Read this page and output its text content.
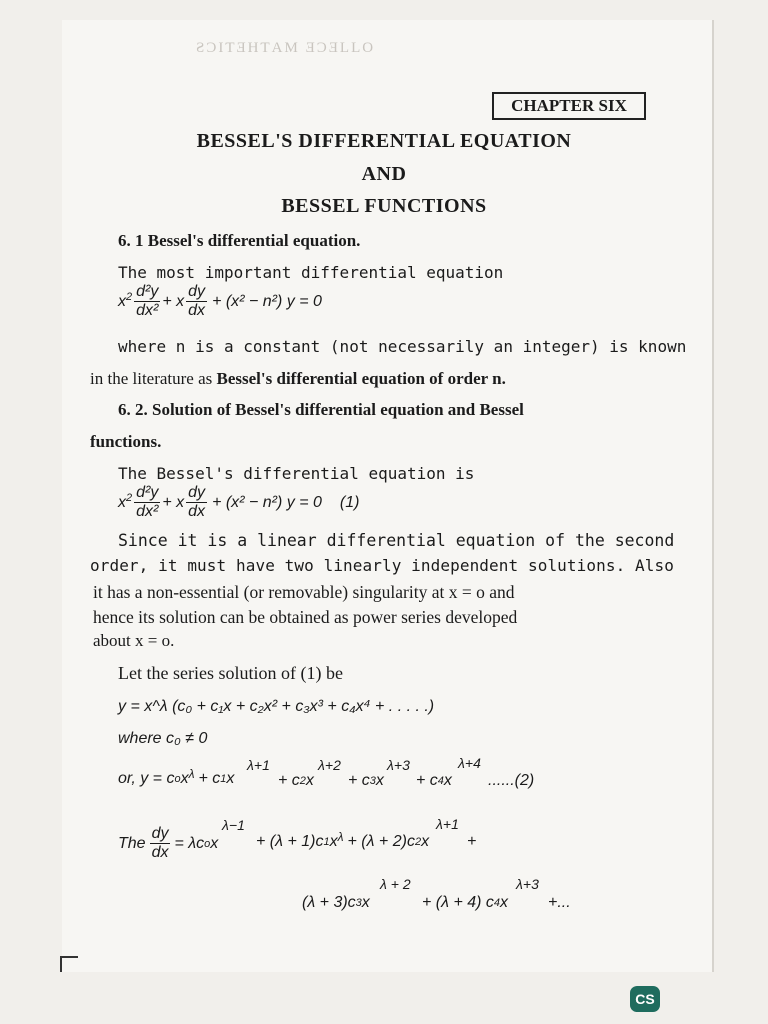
ƧƆIƬƎHƬAM ƎƆƎLLO
CHAPTER SIX
BESSEL'S DIFFERENTIAL EQUATION
AND
BESSEL FUNCTIONS
6. 1 Bessel's differential equation.
The most important differential equation
$x^2 \frac{\text{d²y}}{\text{dx²}} + x \frac{dy}{dx} + (x^2 - n^2) y = 0$
where n is a constant (not necessarily an integer) is known
in the literature as Bessel's differential equation of order n.
6. 2. Solution of Bessel's differential equation and Bessel
functions.
The Bessel's differential equation is
$x^2 \frac{\text{d²y}}{\text{dx²}} + x \frac{dy}{dx} + (x^2 - n^2) y = 0$ (1)
Since it is a linear differential equation of the second
order, it must have two linearly independent solutions. Also
it has a non-essential (or removable) singularity at x = o and
hence its solution can be obtained as power series developed
about x = o.
Let the series solution of (1) be
y = x^λ (c₀ + c₁x + c₂x² + c₃x³ + c₄x⁴ + . . . . .)
where c₀ ≠ 0
or, y = c o $x^\lambda + c$ 1 x
λ+1
+ c 2 x
λ+2
+ c 3 x
λ+3
+ c 4 x
λ+4
......(2)
The $\frac{dy}{dx} = \lambda c$ o x
λ−1
+ (λ + 1)c 1 $x^\lambda + (\lambda + 2)c$ 2 x
λ+1
+
λ + 2
(λ + 3)c 3 x	+ (λ + 4) c 4 x
λ+3
+...
CS
